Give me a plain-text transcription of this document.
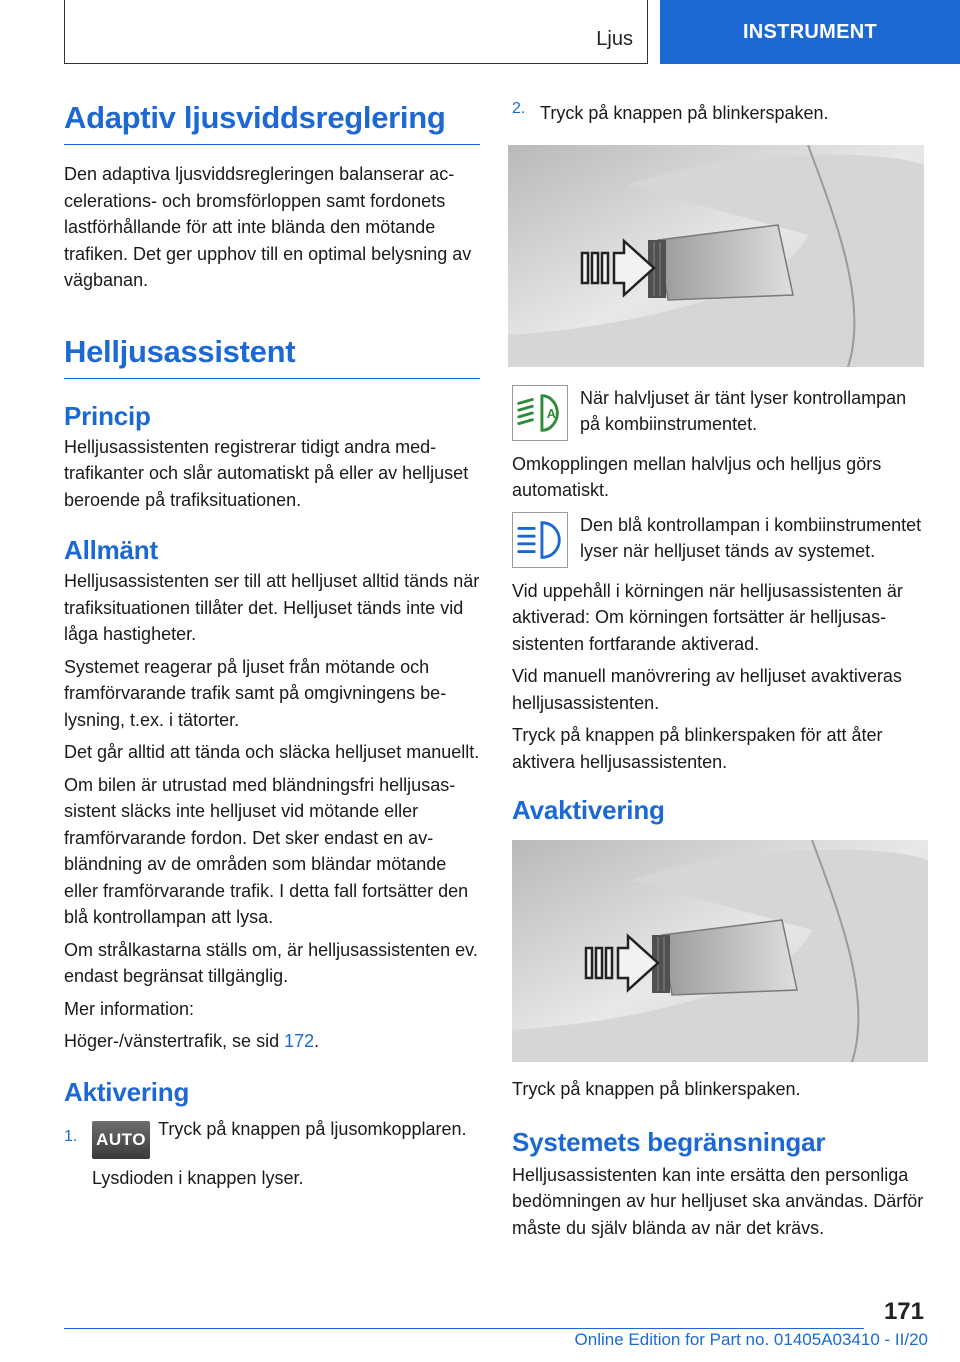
Ljus	INSTRUMENT
Adaptiv ljusviddsreglering

Den adaptiva ljusviddsregleringen balanserar accelerations- och bromsförloppen samt fordonets lastförhållande för att inte blända den mötande trafiken. Det ger upphov till en optimal belysning av vägbanan.

Helljusassistent
Princip

Helljusassistenten registrerar tidigt andra medtrafikanter och slår automatiskt på eller av helljuset beroende på trafiksituationen.

Allmänt

Helljusassistenten ser till att helljuset alltid tänds när trafiksituationen tillåter det. Helljuset tänds inte vid låga hastigheter.

Systemet reagerar på ljuset från mötande och framförvarande trafik samt på omgivningens belysning, t.ex. i tätorter.

Det går alltid att tända och släcka helljuset manuellt.

Om bilen är utrustad med bländningsfri helljusassistent släcks inte helljuset vid mötande eller framförvarande fordon. Det sker endast en avbländning av de områden som bländar mötande eller framförvarande trafik. I detta fall fortsätter den blå kontrollampan att lysa.

Om strålkastarna ställs om, är helljusassistenten ev. endast begränsat tillgänglig.

Mer information:

Höger-/vänstertrafik, se sid 172.

Aktivering
1.	AUTOTryck på knappen på ljusomkopplaren.

Lysdioden i knappen lyser.

2. Tryck på knappen på blinkerspaken.

A

När halvljuset är tänt lyser kontrollampan på kombiinstrumentet.

Omkopplingen mellan halvljus och helljus görs automatiskt.

Den blå kontrollampan i kombiinstrumentet lyser när helljuset tänds av systemet.

Vid uppehåll i körningen när helljusassistenten är aktiverad: Om körningen fortsätter är helljusassistenten fortfarande aktiverad.

Vid manuell manövrering av helljuset avaktiveras helljusassistenten.

Tryck på knappen på blinkerspaken för att åter aktivera helljusassistenten.

Avaktivering

Tryck på knappen på blinkerspaken.

Systemets begränsningar

Helljusassistenten kan inte ersätta den personliga bedömningen av hur helljuset ska användas. Därför måste du själv blända av när det krävs.

171
Online Edition for Part no. 01405A03410 - II/20
